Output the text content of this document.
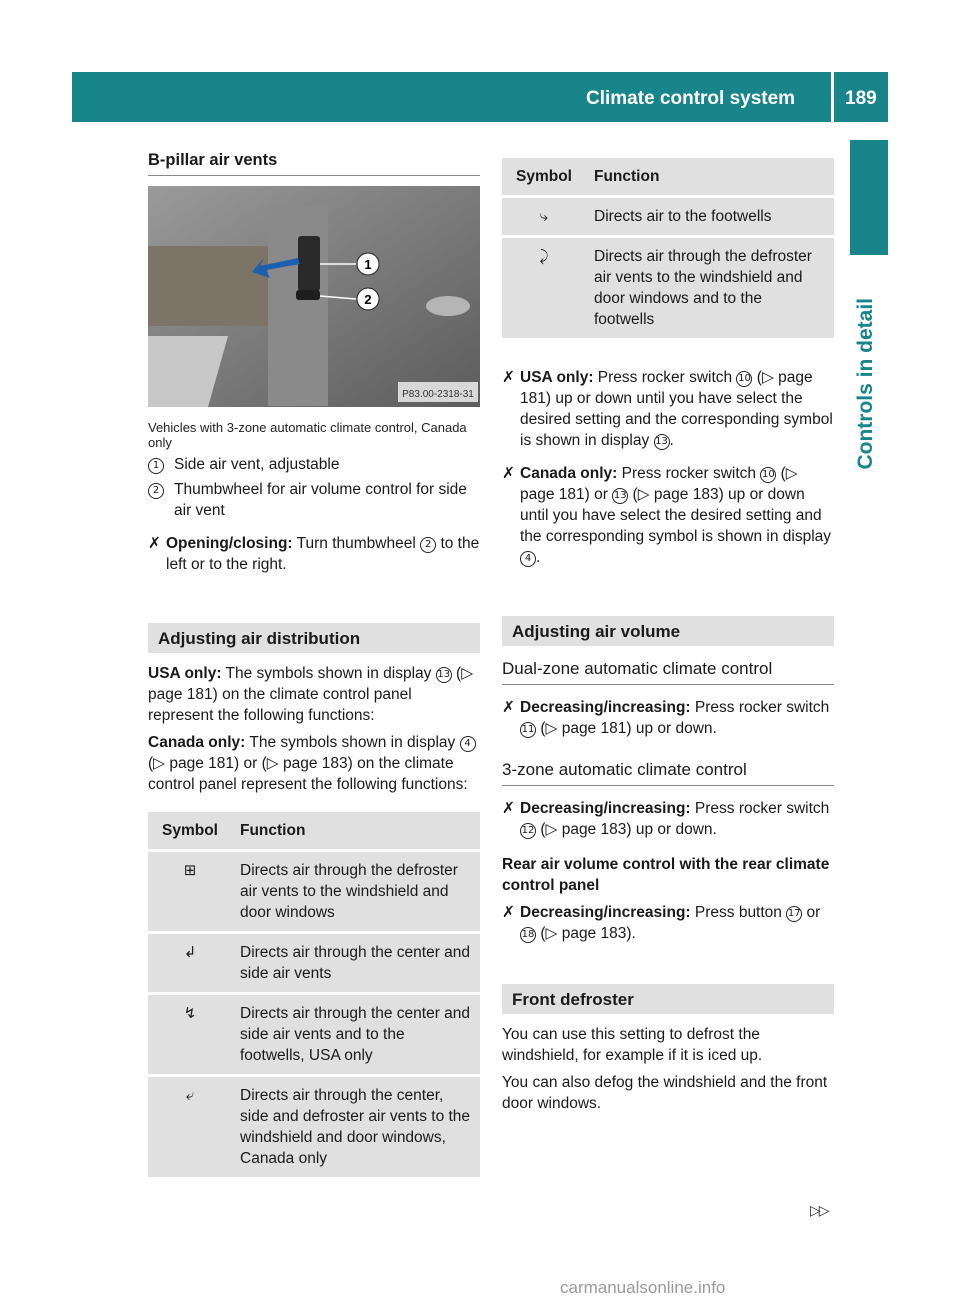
Climate control system	189
Controls in detail
B-pillar air vents
1
2
P83.00-2318-31
Vehicles with 3-zone automatic climate control, Canada only
1 Side air vent, adjustable
2 Thumbwheel for air volume control for side air vent
✗ Opening/closing: Turn thumbwheel 2 to the left or to the right.
Adjusting air distribution

USA only: The symbols shown in display 13 (▷ page 181) on the climate control panel represent the following functions:

Canada only: The symbols shown in display 4 (▷ page 181) or (▷ page 183) on the climate control panel represent the following functions:

Symbol	Function
⊞	Directs air through the defroster air vents to the windshield and door windows
↲	Directs air through the center and side air vents
↯	Directs air through the center and side air vents and to the footwells, USA only
⤶	Directs air through the center, side and defroster air vents to the windshield and door windows, Canada only
Symbol	Function
⤷	Directs air to the footwells
⤸	Directs air through the defroster air vents to the windshield and door windows and to the footwells
✗ USA only: Press rocker switch 10 (▷ page 181) up or down until you have select the desired setting and the corresponding symbol is shown in display 13 .
✗ Canada only: Press rocker switch 10 (▷ page 181) or 13 (▷ page 183) up or down until you have select the desired setting and the corresponding symbol is shown in display 4 .
Adjusting air volume
Dual-zone automatic climate control
✗ Decreasing/increasing: Press rocker switch 11 (▷ page 181) up or down.
3-zone automatic climate control
✗ Decreasing/increasing: Press rocker switch 12 (▷ page 183) up or down.

Rear air volume control with the rear climate control panel

✗ Decreasing/increasing: Press button 17 or 18 (▷ page 183).
Front defroster

You can use this setting to defrost the windshield, for example if it is iced up.

You can also defog the windshield and the front door windows.

▷▷
carmanualsonline.info
